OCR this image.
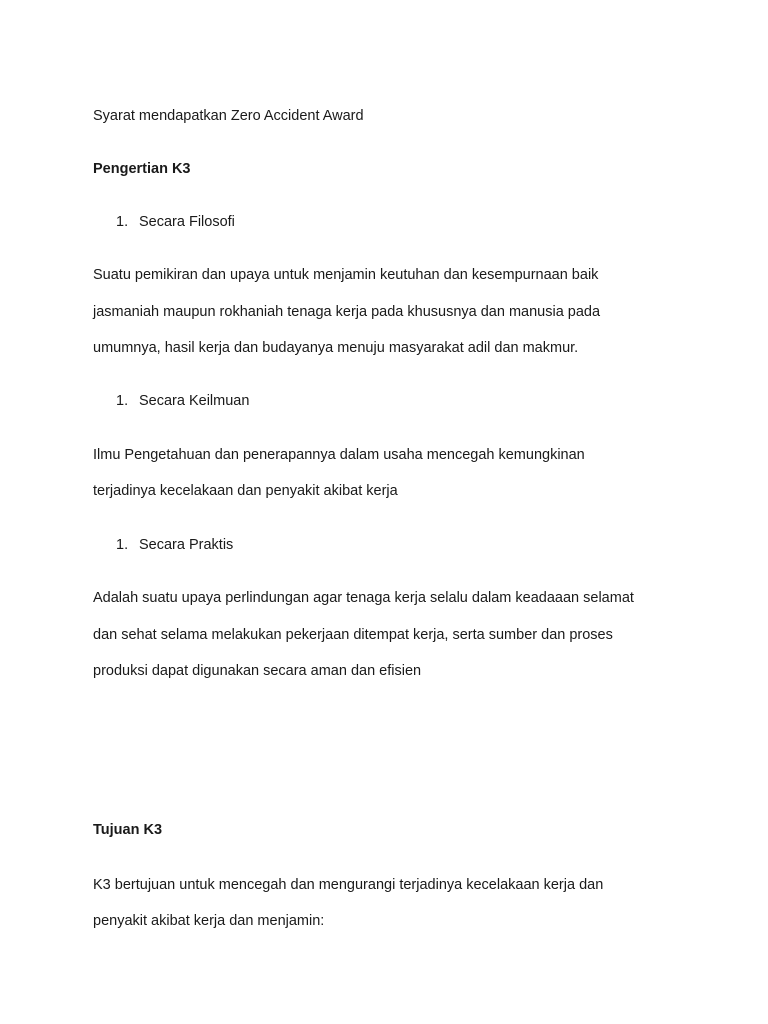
Syarat mendapatkan Zero Accident Award
Pengertian K3
1. Secara Filosofi
Suatu pemikiran dan upaya untuk menjamin keutuhan dan kesempurnaan baik
jasmaniah maupun rokhaniah tenaga kerja pada khususnya dan manusia pada
umumnya, hasil kerja dan budayanya menuju masyarakat adil dan makmur.
1. Secara Keilmuan
Ilmu Pengetahuan dan penerapannya dalam usaha mencegah kemungkinan
terjadinya kecelakaan dan penyakit akibat kerja
1. Secara Praktis
Adalah suatu upaya perlindungan agar tenaga kerja selalu dalam keadaaan selamat
dan sehat selama melakukan pekerjaan ditempat kerja, serta sumber dan proses
produksi dapat digunakan secara aman dan efisien
Tujuan K3
K3 bertujuan untuk mencegah dan mengurangi terjadinya kecelakaan kerja dan
penyakit akibat kerja dan menjamin:
